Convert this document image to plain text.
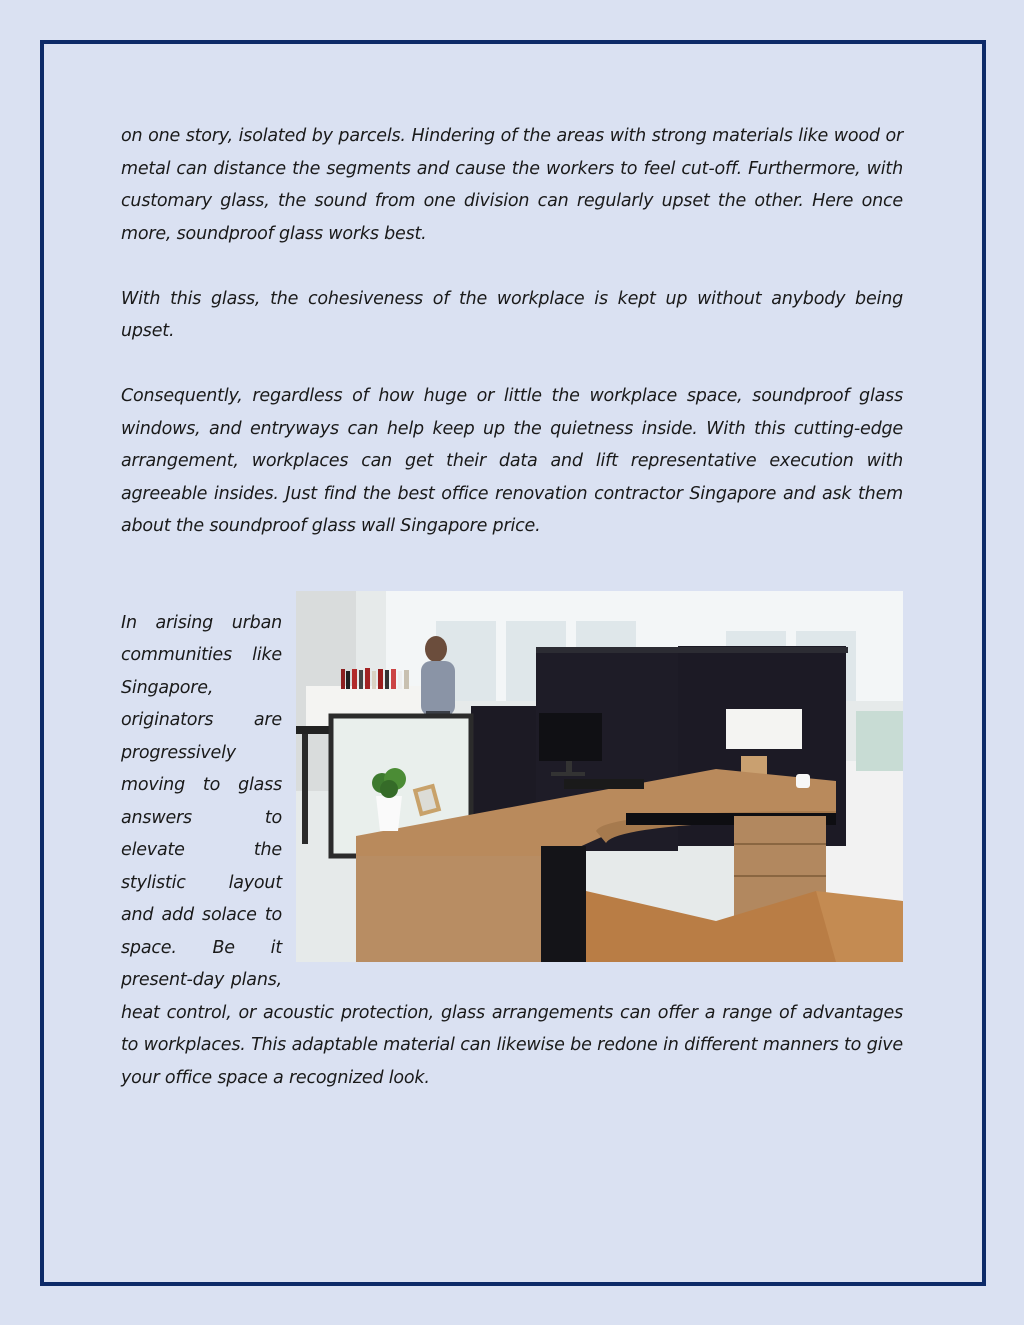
on one story, isolated by parcels. Hindering of the areas with strong materials like wood or metal can distance the segments and cause the workers to feel cut-off. Furthermore, with customary glass, the sound from one division can regularly upset the other. Here once more, soundproof glass works best.

With this glass, the cohesiveness of the workplace is kept up without anybody being upset.

Consequently, regardless of how huge or little the workplace space, soundproof glass windows, and entryways can help keep up the quietness inside. With this cutting-edge arrangement, workplaces can get their data and lift representative execution with agreeable insides. Just find the best office renovation contractor Singapore and ask them about the soundproof glass wall Singapore price.

In arising urban communities like Singapore, originators are progressively moving to glass answers to elevate the stylistic layout and add solace to space. Be it present-day plans, heat control, or acoustic protection, glass arrangements can offer a range of advantages to workplaces. This adaptable material can likewise be redone in different manners to give your office space a recognized look.
